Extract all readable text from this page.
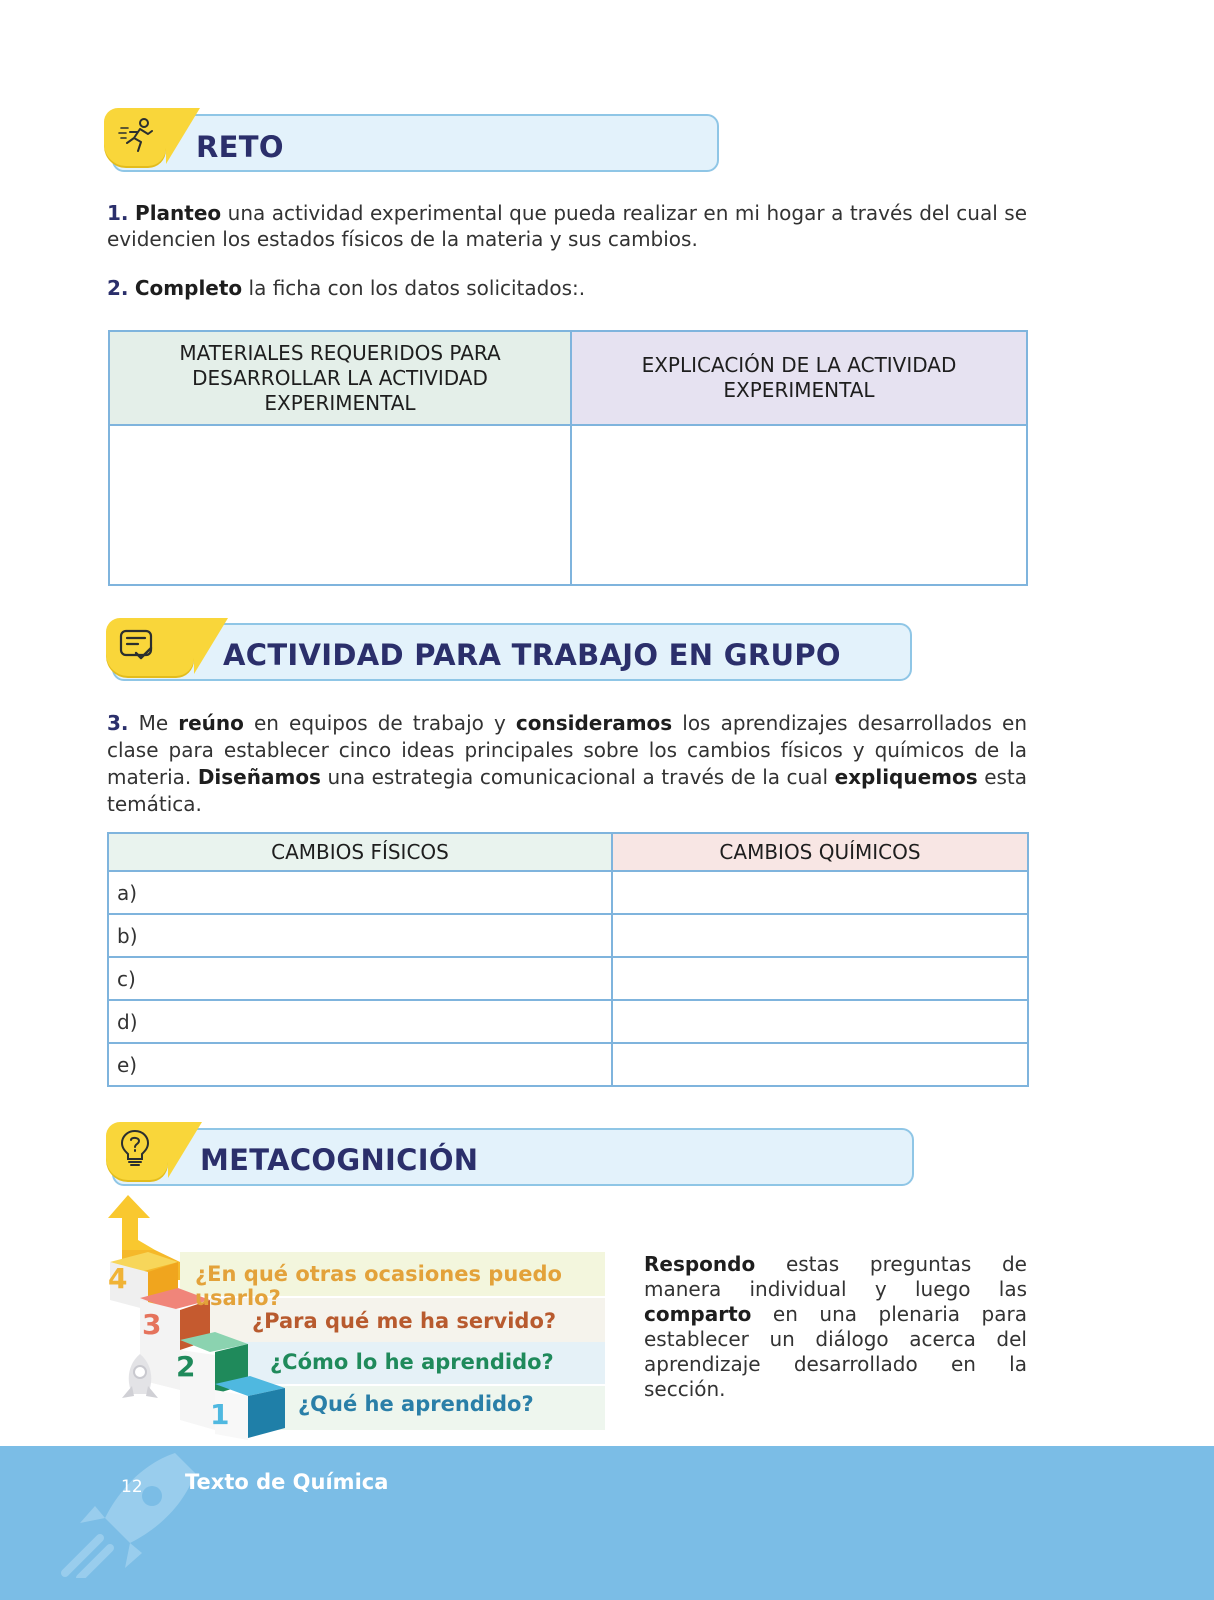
RETO
1. Planteo una actividad experimental que pueda realizar en mi hogar a través del cual se evidencien los estados físicos de la materia y sus cambios.
2. Completo la ficha con los datos solicitados:.
MATERIALES REQUERIDOS PARA DESARROLLAR LA ACTIVIDAD EXPERIMENTAL	EXPLICACIÓN DE LA ACTIVIDAD EXPERIMENTAL

ACTIVIDAD PARA TRABAJO EN GRUPO
3. Me reúno en equipos de trabajo y consideramos los aprendizajes desarrollados en clase para establecer cinco ideas principales sobre los cambios físicos y químicos de la materia. Diseñamos una estrategia comunicacional a través de la cual expliquemos esta temática.
CAMBIOS FÍSICOS	CAMBIOS QUÍMICOS
a)	
b)	
c)	
d)	
e)	
METACOGNICIÓN
4
3
2
1
¿En qué otras ocasiones puedo usarlo?
¿Para qué me ha servido?
¿Cómo lo he aprendido?
¿Qué he aprendido?
Respondo estas preguntas de manera individual y luego las comparto en una plenaria para establecer un diálogo acerca del aprendizaje desarrollado en la sección.
12 Texto de Química
